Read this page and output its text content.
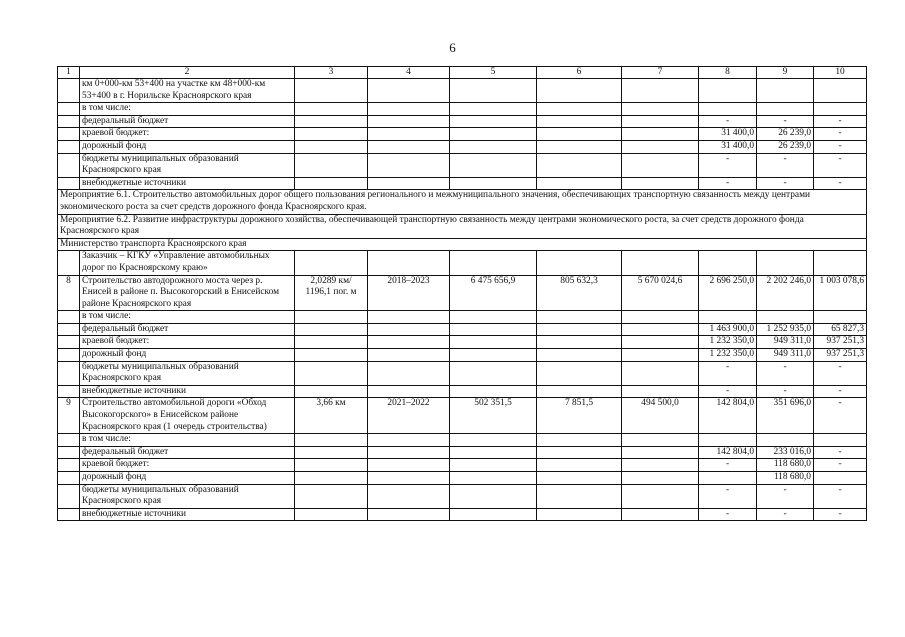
6
1	2	3	4	5	6	7	8	9	10
	км 0+000-км 53+400 на участке км 48+000-км 53+400 в г. Норильске Красноярского края								
	в том числе:								
	федеральный бюджет						-	-	-
	краевой бюджет:						31 400,0	26 239,0	-
	дорожный фонд						31 400,0	26 239,0	-
	бюджеты муниципальных образований Красноярского края						-	-	-
	внебюджетные источники						-	-	-
Мероприятие 6.1. Строительство автомобильных дорог общего пользования регионального и межмуниципального значения, обеспечивающих транспортную связанность между центрами экономического роста за счет средств дорожного фонда Красноярского края.									
Мероприятие 6.2. Развитие инфраструктуры дорожного хозяйства, обеспечивающей транспортную связанность между центрами экономического роста, за счет средств дорожного фонда Красноярского края									
Министерство транспорта Красноярского края									
	Заказчик – КГКУ «Управление автомобильных дорог по Красноярскому краю»								
8	Строительство автодорожного моста через р. Енисей в районе п. Высокогорский в Енисейском районе Красноярского края	2,0289 км/ 1196,1 пог. м	2018–2023	6 475 656,9	805 632,3	5 670 024,6	2 696 250,0	2 202 246,0	1 003 078,6
	в том числе:								
	федеральный бюджет						1 463 900,0	1 252 935,0	65 827,3
	краевой бюджет:						1 232 350,0	949 311,0	937 251,3
	дорожный фонд						1 232 350,0	949 311,0	937 251,3
	бюджеты муниципальных образований Красноярского края						-	-	-
	внебюджетные источники						-	-	-
9	Строительство автомобильной дороги «Обход Высокогорского» в Енисейском районе Красноярского края (1 очередь строительства)	3,66 км	2021–2022	502 351,5	7 851,5	494 500,0	142 804,0	351 696,0	-
	в том числе:								
	федеральный бюджет						142 804,0	233 016,0	-
	краевой бюджет:						-	118 680,0	-
	дорожный фонд							118 680,0	
	бюджеты муниципальных образований Красноярского края						-	-	-
	внебюджетные источники						-	-	-
